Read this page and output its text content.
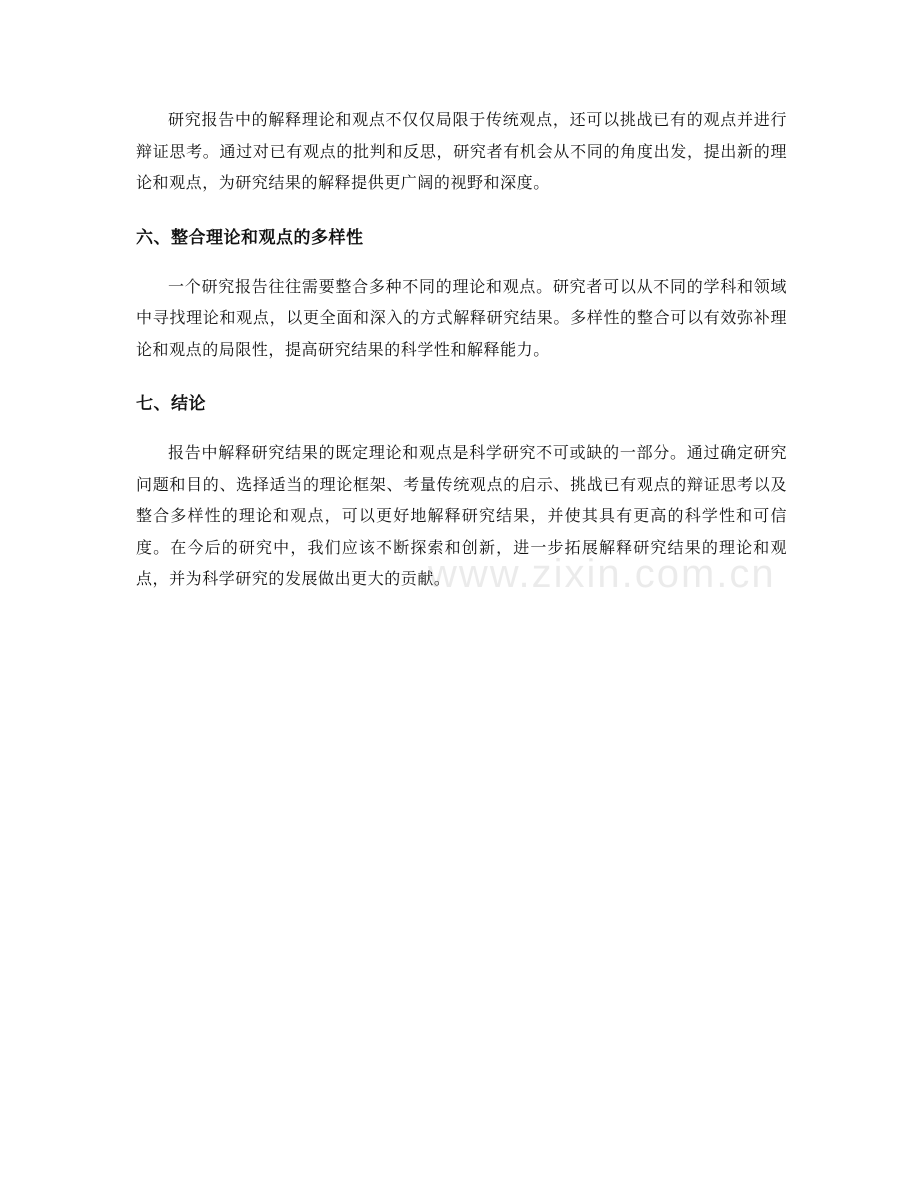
研究报告中的解释理论和观点不仅仅局限于传统观点，还可以挑战已有的观点并进行辩证思考。通过对已有观点的批判和反思，研究者有机会从不同的角度出发，提出新的理论和观点，为研究结果的解释提供更广阔的视野和深度。

六、整合理论和观点的多样性

一个研究报告往往需要整合多种不同的理论和观点。研究者可以从不同的学科和领域中寻找理论和观点，以更全面和深入的方式解释研究结果。多样性的整合可以有效弥补理论和观点的局限性，提高研究结果的科学性和解释能力。

七、结论

报告中解释研究结果的既定理论和观点是科学研究不可或缺的一部分。通过确定研究问题和目的、选择适当的理论框架、考量传统观点的启示、挑战已有观点的辩证思考以及整合多样性的理论和观点，可以更好地解释研究结果，并使其具有更高的科学性和可信度。在今后的研究中，我们应该不断探索和创新，进一步拓展解释研究结果的理论和观点，并为科学研究的发展做出更大的贡献。

www.zixin.com.cn
